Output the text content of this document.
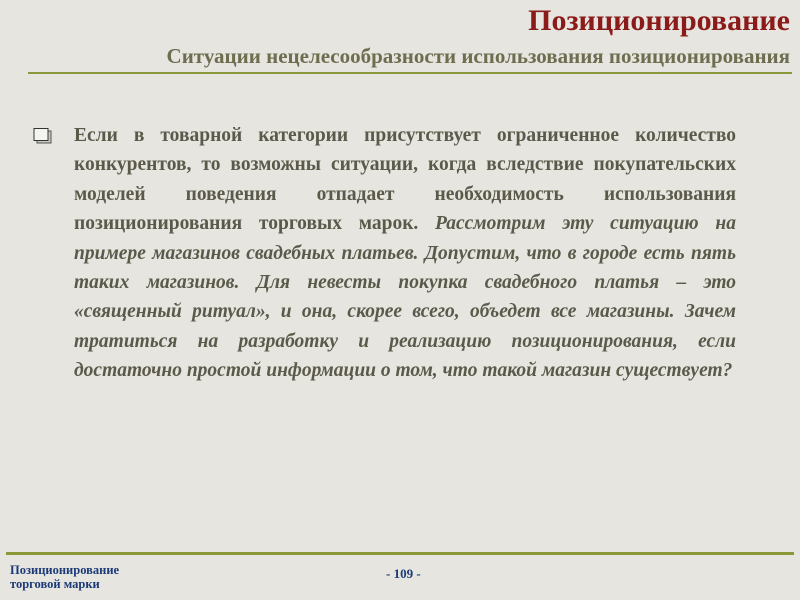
Позиционирование
Ситуации нецелесообразности использования позиционирования

Если в товарной категории присутствует ограниченное количество конкурентов, то возможны ситуации, когда вследствие покупательских моделей поведения отпадает необходимость использования позиционирования торговых марок. Рассмотрим эту ситуацию на примере магазинов свадебных платьев. Допустим, что в городе есть пять таких магазинов. Для невесты покупка свадебного платья – это «священный ритуал», и она, скорее всего, объедет все магазины. Зачем тратиться на разработку и реализацию позиционирования, если достаточно простой информации о том, что такой магазин существует?

Позиционирование
торговой марки
- 109 -
